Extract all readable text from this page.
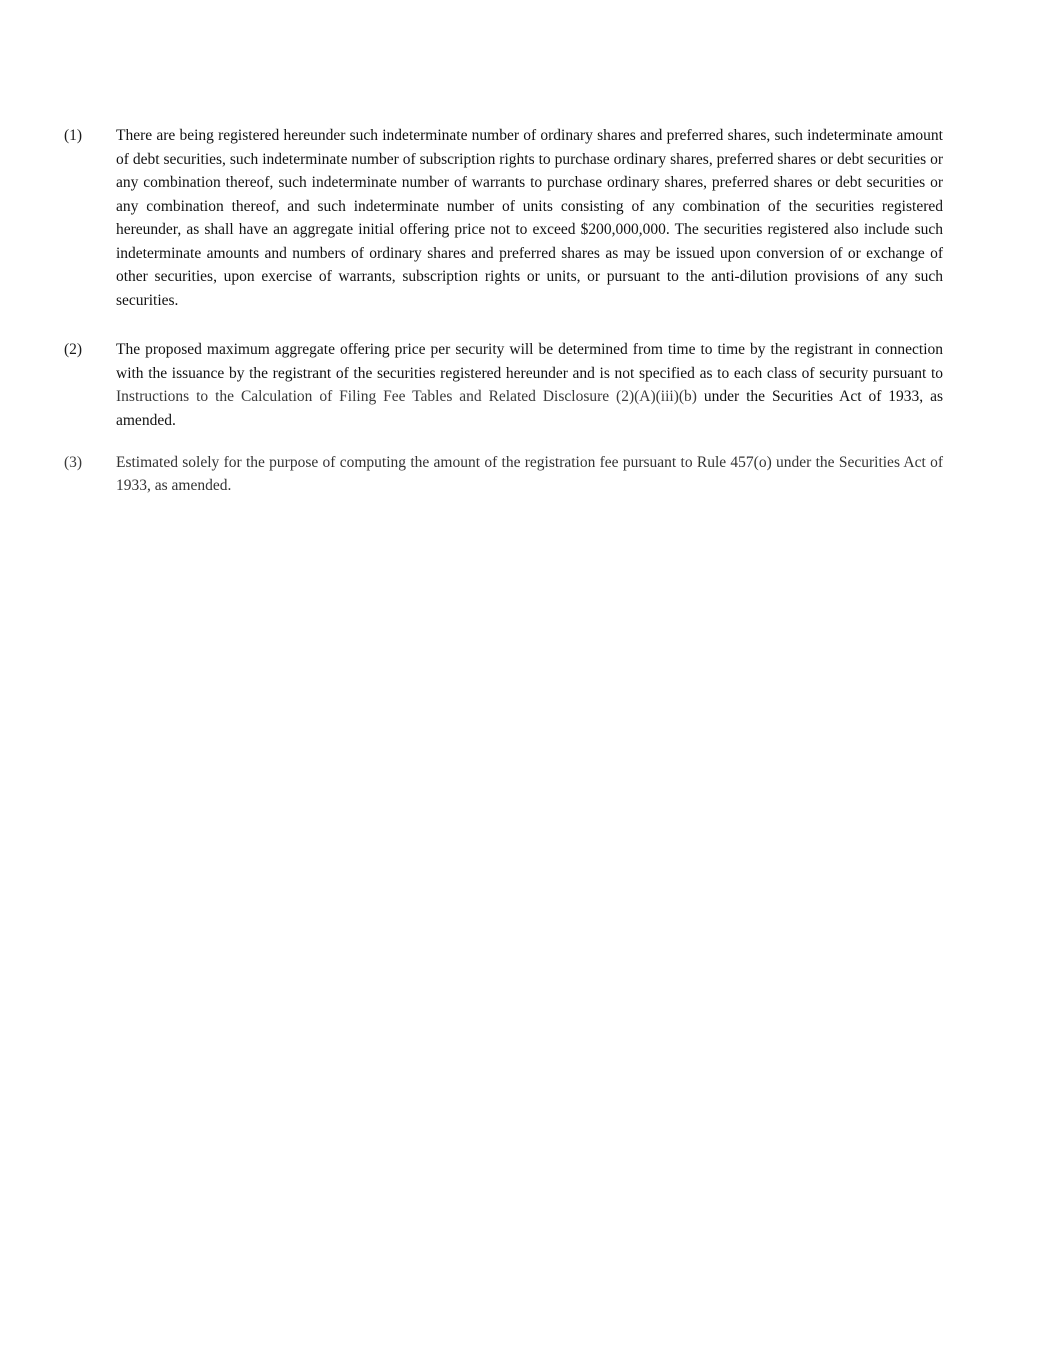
(1)	There are being registered hereunder such indeterminate number of ordinary shares and preferred shares, such indeterminate amount of debt securities, such indeterminate number of subscription rights to purchase ordinary shares, preferred shares or debt securities or any combination thereof, such indeterminate number of warrants to purchase ordinary shares, preferred shares or debt securities or any combination thereof, and such indeterminate number of units consisting of any combination of the securities registered hereunder, as shall have an aggregate initial offering price not to exceed $200,000,000. The securities registered also include such indeterminate amounts and numbers of ordinary shares and preferred shares as may be issued upon conversion of or exchange of other securities, upon exercise of warrants, subscription rights or units, or pursuant to the anti-dilution provisions of any such securities.
(2)	The proposed maximum aggregate offering price per security will be determined from time to time by the registrant in connection with the issuance by the registrant of the securities registered hereunder and is not specified as to each class of security pursuant to Instructions to the Calculation of Filing Fee Tables and Related Disclosure (2)(A)(iii)(b) under the Securities Act of 1933, as amended.
(3)	Estimated solely for the purpose of computing the amount of the registration fee pursuant to Rule 457(o) under the Securities Act of 1933, as amended.
